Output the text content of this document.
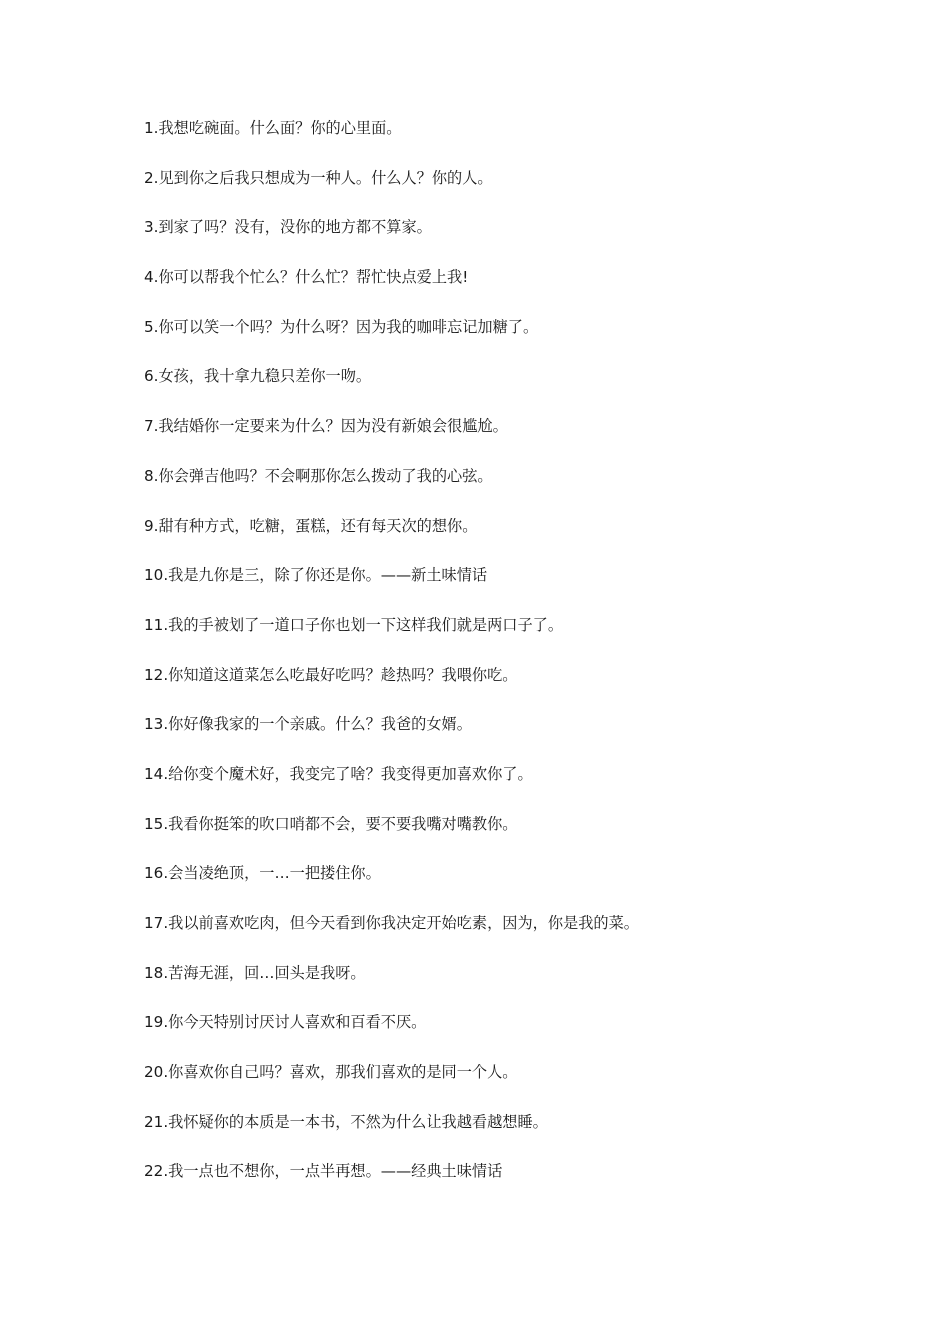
1.我想吃碗面。什么面？你的心里面。
2.见到你之后我只想成为一种人。什么人？你的人。
3.到家了吗？没有，没你的地方都不算家。
4.你可以帮我个忙么？什么忙？帮忙快点爱上我!
5.你可以笑一个吗？为什么呀？因为我的咖啡忘记加糖了。
6.女孩，我十拿九稳只差你一吻。
7.我结婚你一定要来为什么？因为没有新娘会很尴尬。
8.你会弹吉他吗？不会啊那你怎么拨动了我的心弦。
9.甜有种方式，吃糖，蛋糕，还有每天次的想你。
10.我是九你是三，除了你还是你。——新土味情话
11.我的手被划了一道口子你也划一下这样我们就是两口子了。
12.你知道这道菜怎么吃最好吃吗？趁热吗？我喂你吃。
13.你好像我家的一个亲戚。什么？我爸的女婿。
14.给你变个魔术好，我变完了啥？我变得更加喜欢你了。
15.我看你挺笨的吹口哨都不会，要不要我嘴对嘴教你。
16.会当凌绝顶，一…一把搂住你。
17.我以前喜欢吃肉，但今天看到你我决定开始吃素，因为，你是我的菜。
18.苦海无涯，回…回头是我呀。
19.你今天特别讨厌讨人喜欢和百看不厌。
20.你喜欢你自己吗？喜欢，那我们喜欢的是同一个人。
21.我怀疑你的本质是一本书，不然为什么让我越看越想睡。
22.我一点也不想你，一点半再想。——经典土味情话
